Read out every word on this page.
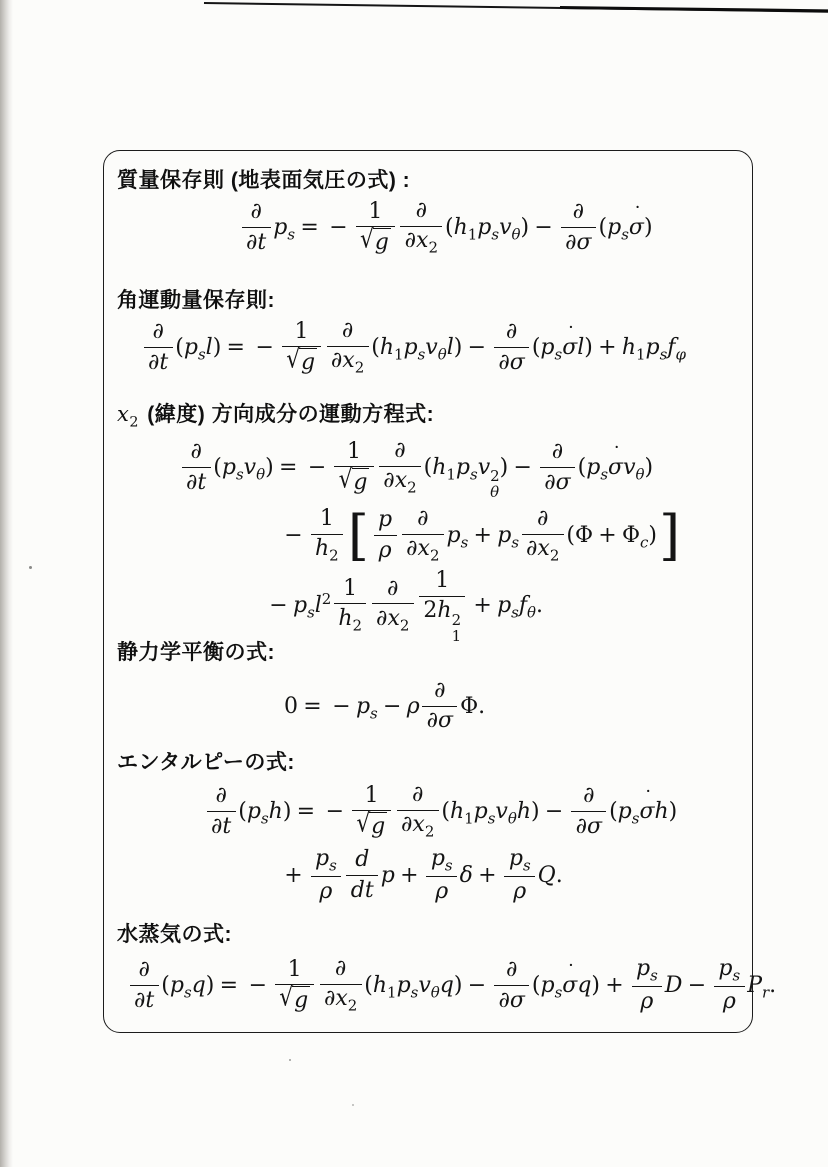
質量保存則 (地表面気圧の式) :
$\frac{\partial}{\partial t} p_s$ = − $\frac{1}{√g} \frac{\partial}{\partial x_2} (h_1p_sv_\theta) - \frac{\partial}{\partial\sigma} (p_s\sigma$ ˙)
角運動量保存則:
$\frac{\partial}{\partial t} (p_sl)$ = − $\frac{1}{√g} \frac{\partial}{\partial x_2} (h_1p_sv_\theta l) - \frac{\partial}{\partial\sigma} (p_s\sigma$ ˙l) + $h_1p_sf_\varphi$
$x_2$ (緯度) 方向成分の運動方程式:
$\frac{\partial}{\partial t} (p_sv_\theta)$ = − $\frac{1}{√g} \frac{\partial}{\partial x_2} (h_1p_sv$ 2
θ
) − $\frac{\partial}{\partial\sigma} (p_s\sigma$ $˙v_\theta$)
− $\frac{1}{h_2}$ [ $\frac{p}{\rho} \frac{\partial}{\partial x_2} p_s + p_s \frac{\partial}{\partial x_2} (\Phi + \Phi_c)$]
− $p_sl^2 \frac{1}{h_2} \frac{\partial}{\partial x_2} 1$
2h 2
$1 + p_sf_\theta$.
静力学平衡の式:
0 = − $p_s - \rho \frac{\partial}{\partial\sigma} \Phi$.
エンタルピーの式:
$\frac{\partial}{\partial t} (p_sh)$ = − $\frac{1}{√g} \frac{\partial}{\partial x_2} (h_1p_sv_\theta h) - \frac{\partial}{\partial\sigma} (p_s\sigma$ ˙h)
+ $\frac{p_s}{\rho} \frac{d}{dt}$ $p + \frac{p_s}{\rho}$ $\delta + \frac{p_s}{\rho} Q$.
水蒸気の式:
$\frac{\partial}{\partial t} (p_sq)$ = − $\frac{1}{√g} \frac{\partial}{\partial x_2} (h_1p_sv_\theta q) - \frac{\partial}{\partial\sigma} (p_s\sigma$ ˙q) + $\frac{p_s}{\rho}$ $D - \frac{p_s}{\rho} P_r$.
